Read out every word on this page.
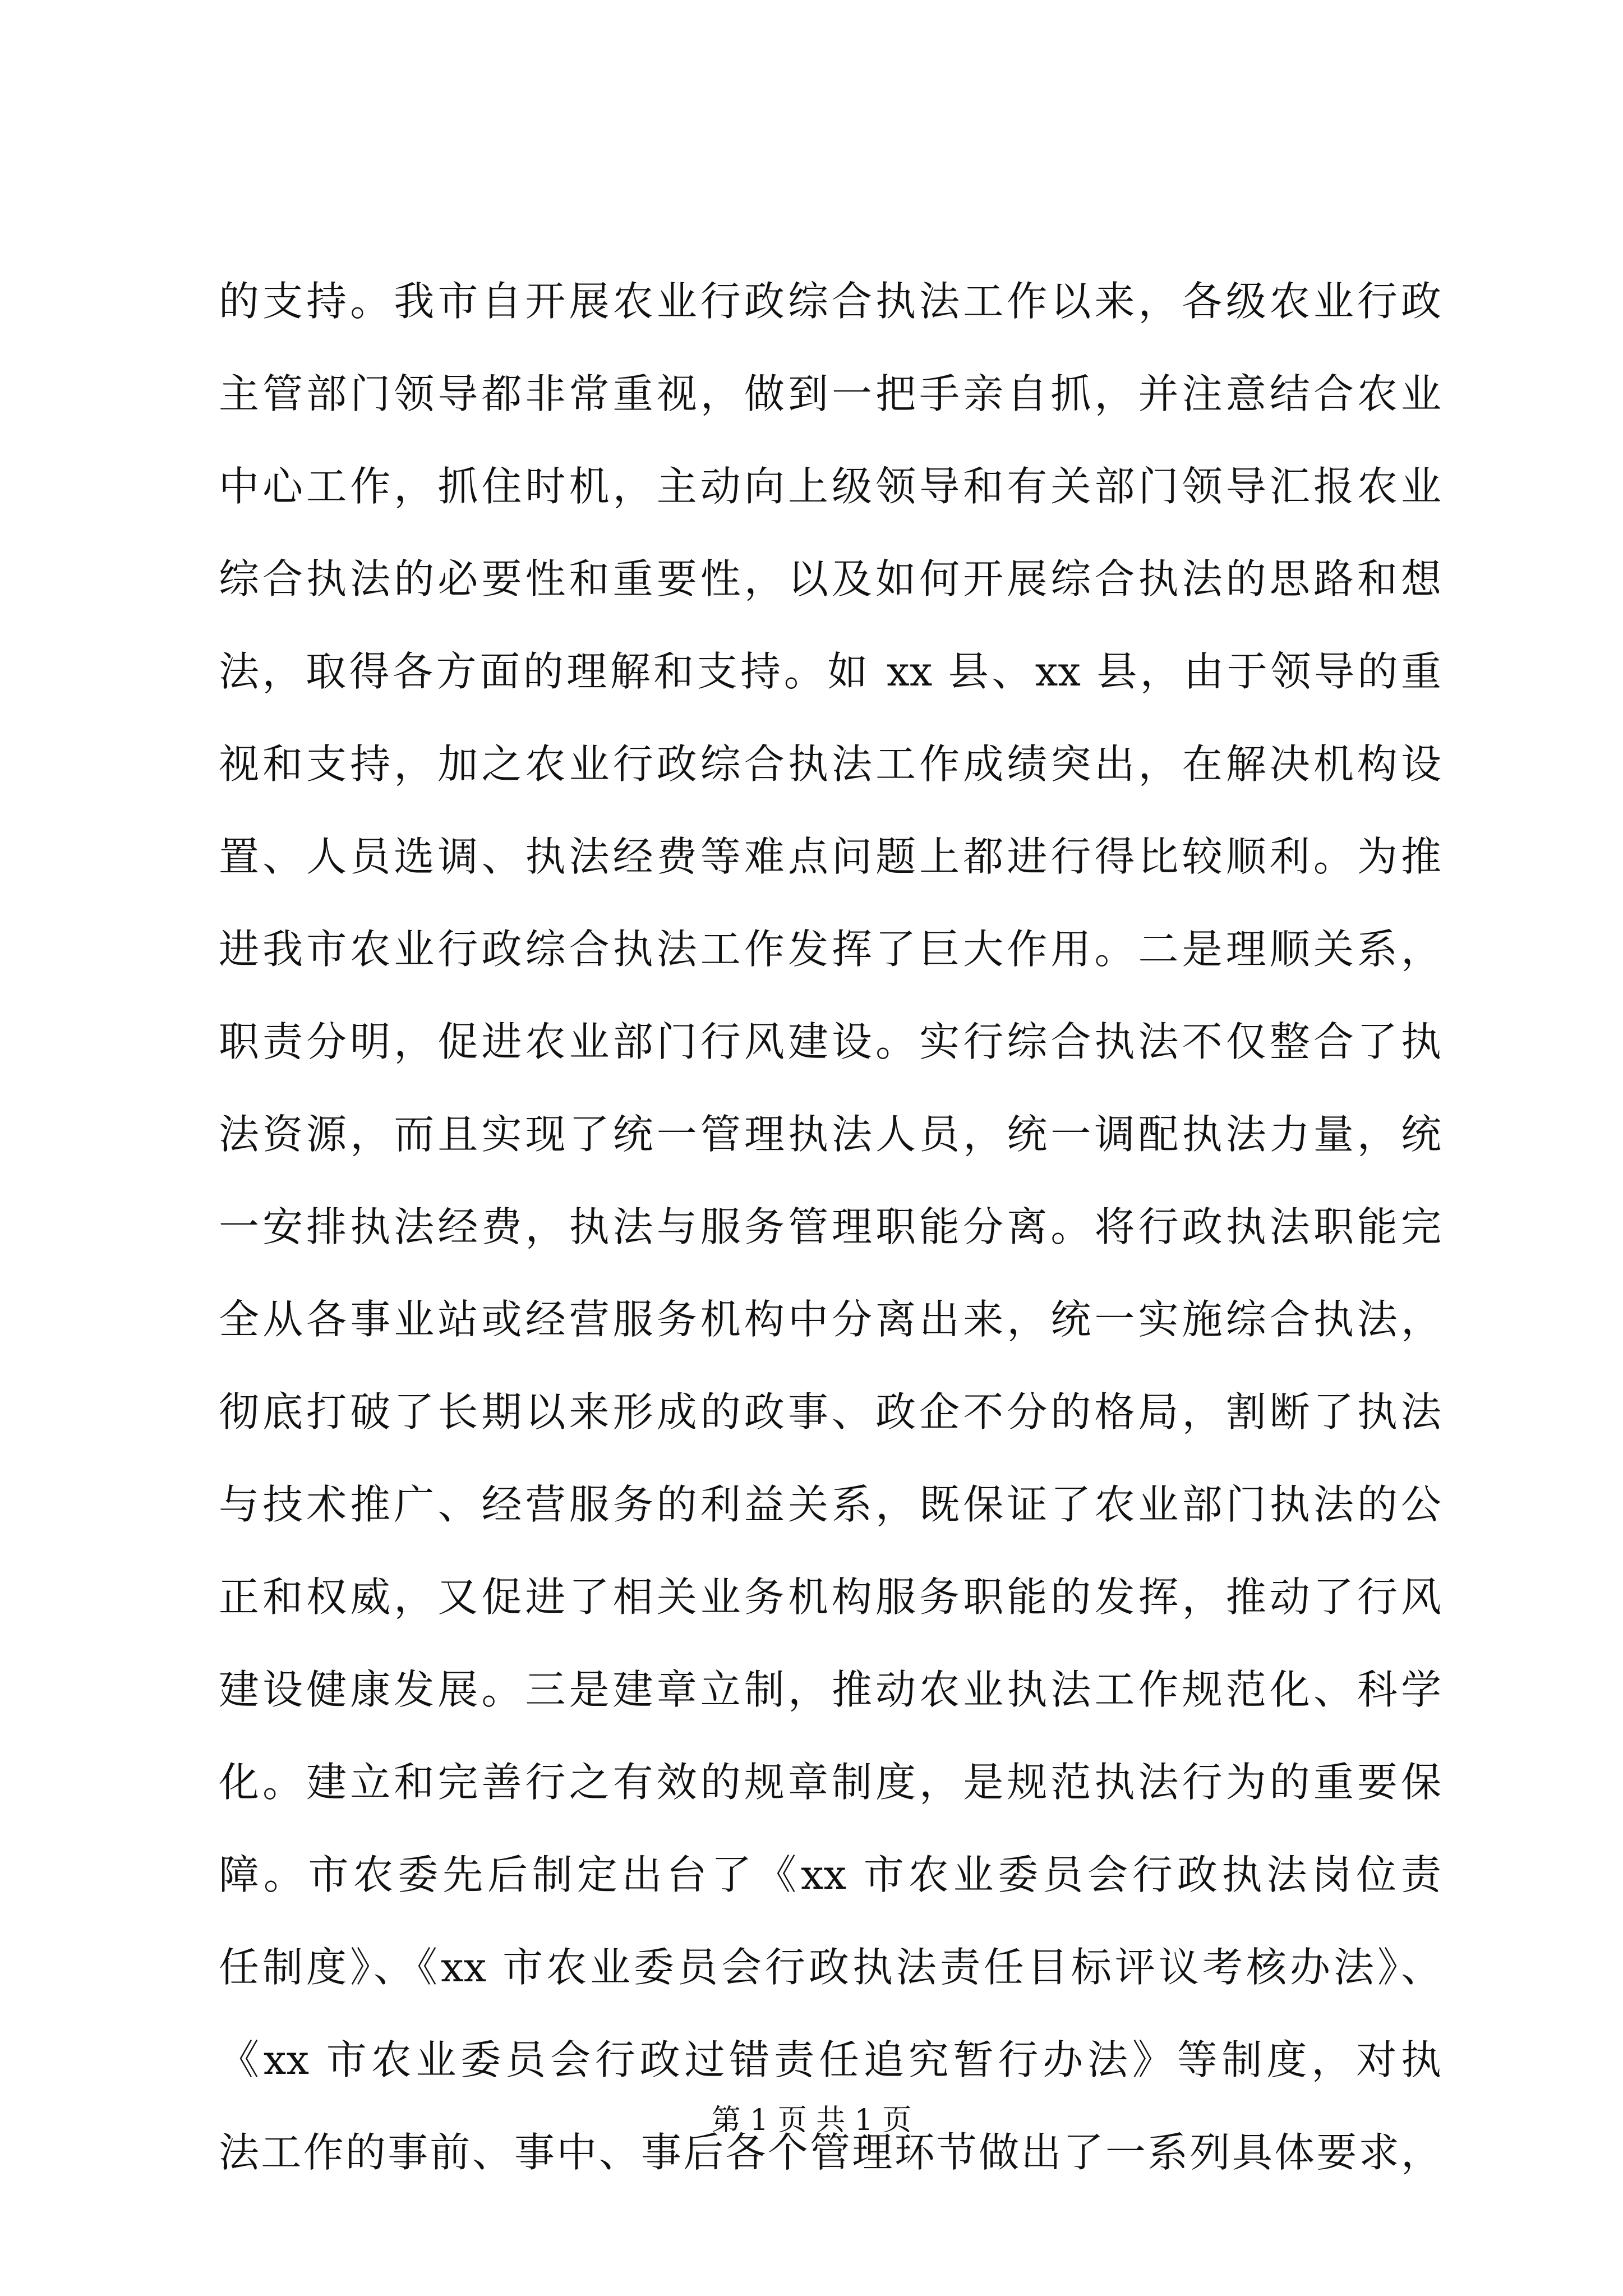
的支持。我市自开展农业行政综合执法工作以来，各级农业行政
主管部门领导都非常重视，做到一把手亲自抓，并注意结合农业
中心工作，抓住时机，主动向上级领导和有关部门领导汇报农业
综合执法的必要性和重要性，以及如何开展综合执法的思路和想
法，取得各方面的理解和支持。如 xx 县、xx 县，由于领导的重
视和支持，加之农业行政综合执法工作成绩突出，在解决机构设
置、人员选调、执法经费等难点问题上都进行得比较顺利。为推
进我市农业行政综合执法工作发挥了巨大作用。二是理顺关系，
职责分明，促进农业部门行风建设。实行综合执法不仅整合了执
法资源，而且实现了统一管理执法人员，统一调配执法力量，统
一安排执法经费，执法与服务管理职能分离。将行政执法职能完
全从各事业站或经营服务机构中分离出来，统一实施综合执法，
彻底打破了长期以来形成的政事、政企不分的格局，割断了执法
与技术推广、经营服务的利益关系，既保证了农业部门执法的公
正和权威，又促进了相关业务机构服务职能的发挥，推动了行风
建设健康发展。三是建章立制，推动农业执法工作规范化、科学
化。建立和完善行之有效的规章制度，是规范执法行为的重要保
障。市农委先后制定出台了《xx 市农业委员会行政执法岗位责
任制度》、《xx 市农业委员会行政执法责任目标评议考核办法》、
《xx 市农业委员会行政过错责任追究暂行办法》等制度，对执
法工作的事前、事中、事后各个管理环节做出了一系列具体要求，
第 1 页 共 1 页
